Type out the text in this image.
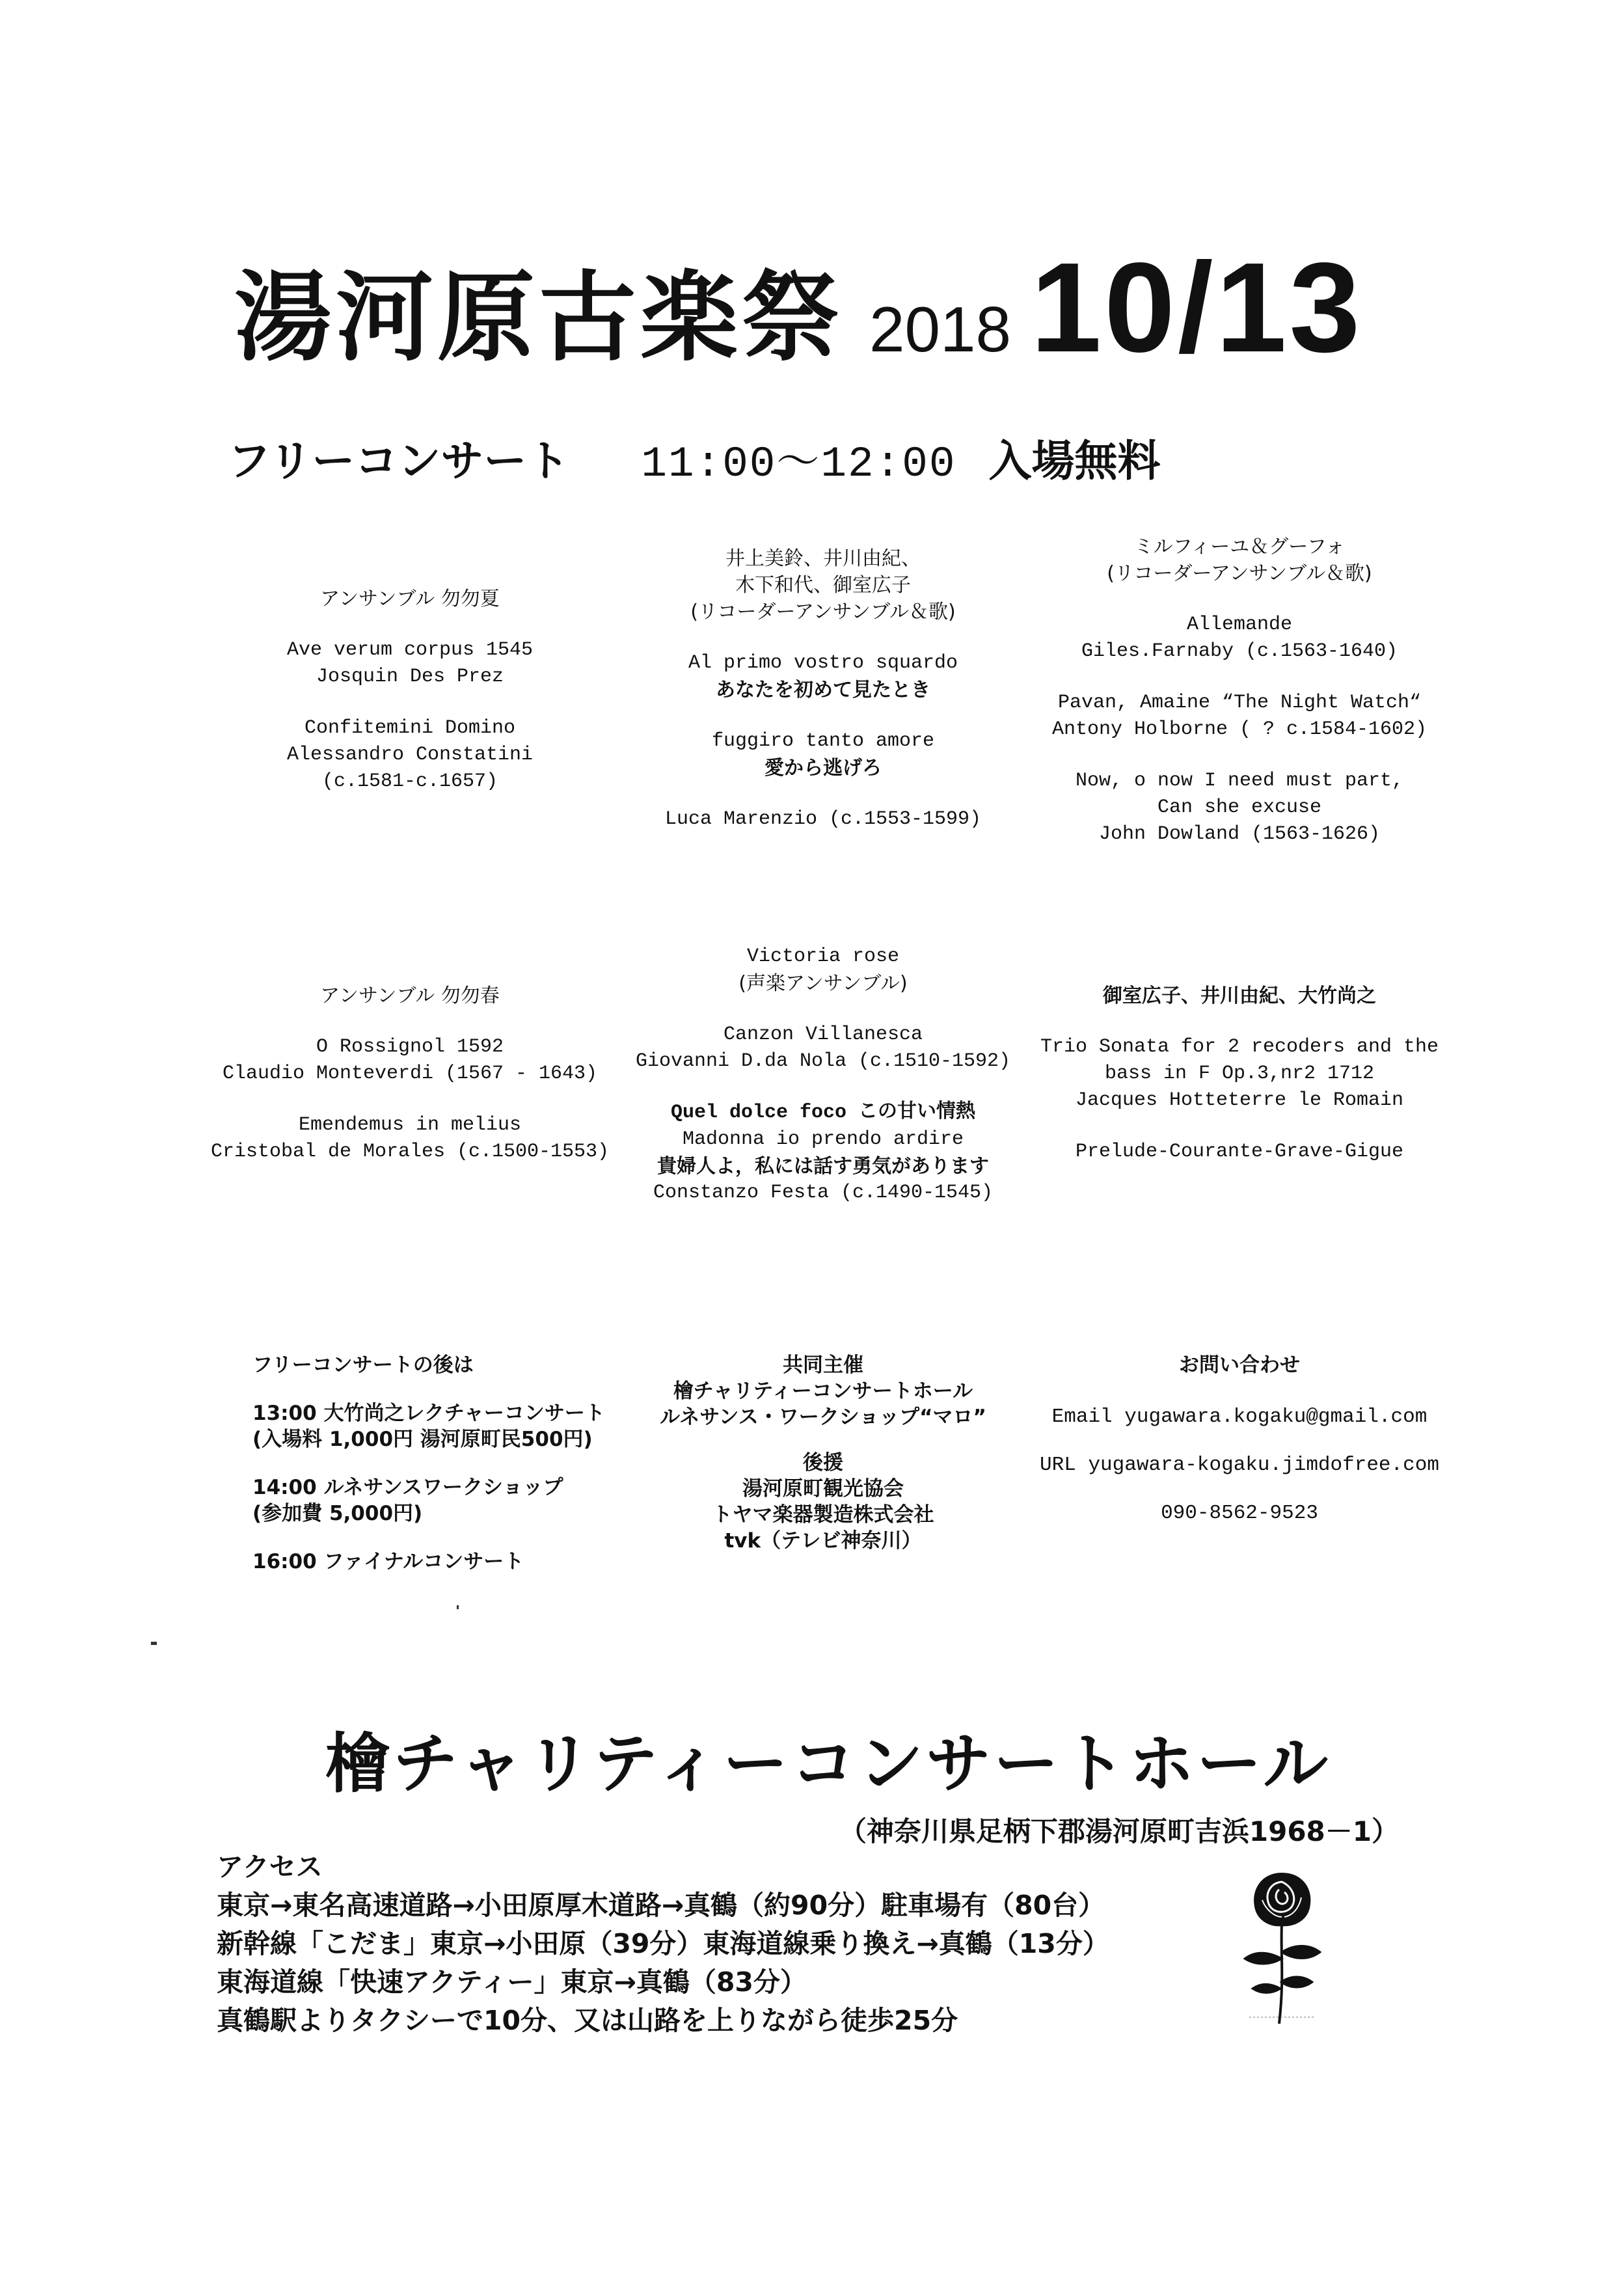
湯河原古楽祭 2018 10/13
フリーコンサート 11:00～12:00 入場無料
アンサンブル 勿勿夏
Ave verum corpus 1545
Josquin Des Prez
Confitemini Domino
Alessandro Constatini
(c.1581-c.1657)
井上美鈴、井川由紀、
木下和代、御室広子
(リコーダーアンサンブル＆歌)
Al primo vostro squardo
あなたを初めて見たとき
fuggiro tanto amore
愛から逃げろ
Luca Marenzio (c.1553-1599)
ミルフィーユ＆グーフォ
(リコーダーアンサンブル＆歌)
Allemande
Giles.Farnaby (c.1563-1640)
Pavan, Amaine “The Night Watch“
Antony Holborne ( ? c.1584-1602)
Now, o now I need must part,
Can she excuse
John Dowland (1563-1626)
アンサンブル 勿勿春
O Rossignol 1592
Claudio Monteverdi (1567 - 1643)
Emendemus in melius
Cristobal de Morales (c.1500-1553)
Victoria rose
(声楽アンサンブル)
Canzon Villanesca
Giovanni D.da Nola (c.1510-1592)
Quel dolce foco この甘い情熱
Madonna io prendo ardire
貴婦人よ，私には話す勇気があります
Constanzo Festa (c.1490-1545)
御室広子、井川由紀、大竹尚之
Trio Sonata for 2 recoders and the
bass in F Op.3,nr2 1712
Jacques Hotteterre le Romain
Prelude-Courante-Grave-Gigue
フリーコンサートの後は
13:00 大竹尚之レクチャーコンサート
(入場料 1,000円 湯河原町民500円)
14:00 ルネサンスワークショップ
(参加費 5,000円)
16:00 ファイナルコンサート
共同主催
檜チャリティーコンサートホール
ルネサンス・ワークショップ“マロ”
後援
湯河原町観光協会
トヤマ楽器製造株式会社
tvk（テレビ神奈川）
お問い合わせ
Email yugawara.kogaku@gmail.com
URL yugawara-kogaku.jimdofree.com
090-8562-9523
檜チャリティーコンサートホール
（神奈川県足柄下郡湯河原町吉浜1968－1）
アクセス
東京→東名高速道路→小田原厚木道路→真鶴（約90分）駐車場有（80台）
新幹線「こだま」東京→小田原（39分）東海道線乗り換え→真鶴（13分）
東海道線「快速アクティー」東京→真鶴（83分）
真鶴駅よりタクシーで10分、又は山路を上りながら徒歩25分
